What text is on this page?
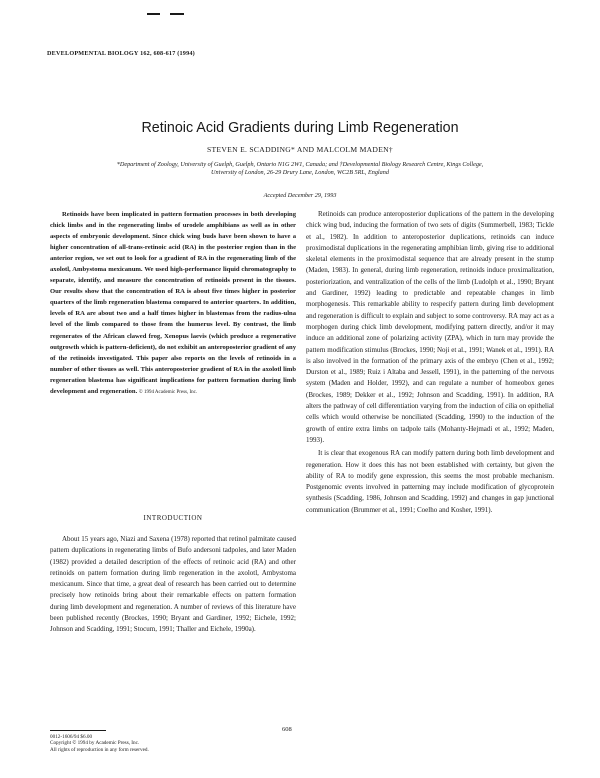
DEVELOPMENTAL BIOLOGY 162, 608-617 (1994)
Retinoic Acid Gradients during Limb Regeneration
STEVEN E. SCADDING* AND MALCOLM MADEN†
*Department of Zoology, University of Guelph, Guelph, Ontario N1G 2W1, Canada; and †Developmental Biology Research Centre, Kings College,
University of London, 26-29 Drury Lane, London, WC2B 5RL, England
Accepted December 29, 1993

Retinoids have been implicated in pattern formation processes in both developing chick limbs and in the regenerating limbs of urodele amphibians as well as in other aspects of embryonic development. Since chick wing buds have been shown to have a higher concentration of all-trans-retinoic acid (RA) in the posterior region than in the anterior region, we set out to look for a gradient of RA in the regenerating limb of the axolotl, Ambystoma mexicanum. We used high-performance liquid chromatography to separate, identify, and measure the concentration of retinoids present in the tissues. Our results show that the concentration of RA is about five times higher in posterior quarters of the limb regeneration blastema compared to anterior quarters. In addition, levels of RA are about two and a half times higher in blastemas from the radius-ulna level of the limb compared to those from the humerus level. By contrast, the limb regenerates of the African clawed frog, Xenopus laevis (which produce a regenerative outgrowth which is pattern-deficient), do not exhibit an anteroposterior gradient of any of the retinoids investigated. This paper also reports on the levels of retinoids in a number of other tissues as well. This anteroposterior gradient of RA in the axolotl limb regeneration blastema has significant implications for pattern formation during limb development and regeneration. © 1994 Academic Press, Inc.

INTRODUCTION

About 15 years ago, Niazi and Saxena (1978) reported that retinol palmitate caused pattern duplications in regenerating limbs of Bufo andersoni tadpoles, and later Maden (1982) provided a detailed description of the effects of retinoic acid (RA) and other retinoids on pattern formation during limb regeneration in the axolotl, Ambystoma mexicanum. Since that time, a great deal of research has been carried out to determine precisely how retinoids bring about their remarkable effects on pattern formation during limb development and regeneration. A number of reviews of this literature have been published recently (Brockes, 1990; Bryant and Gardiner, 1992; Eichele, 1992; Johnson and Scadding, 1991; Stocum, 1991; Thaller and Eichele, 1990a).

Retinoids can produce anteroposterior duplications of the pattern in the developing chick wing bud, inducing the formation of two sets of digits (Summerbell, 1983; Tickle et al., 1982). In addition to anteroposterior duplications, retinoids can induce proximodistal duplications in the regenerating amphibian limb, giving rise to additional skeletal elements in the proximodistal sequence that are already present in the stump (Maden, 1983). In general, during limb regeneration, retinoids induce proximalization, posteriorization, and ventralization of the cells of the limb (Ludolph et al., 1990; Bryant and Gardiner, 1992) leading to predictable and repeatable changes in limb morphogenesis. This remarkable ability to respecify pattern during limb development and regeneration is difficult to explain and subject to some controversy. RA may act as a morphogen during chick limb development, modifying pattern directly, and/or it may induce an additional zone of polarizing activity (ZPA), which in turn may provide the pattern modification stimulus (Brockes, 1990; Noji et al., 1991; Wanek et al., 1991). RA is also involved in the formation of the primary axis of the embryo (Chen et al., 1992; Durston et al., 1989; Ruiz i Altaba and Jessell, 1991), in the patterning of the nervous system (Maden and Holder, 1992), and can regulate a number of homeobox genes (Brockes, 1989; Dekker et al., 1992; Johnson and Scadding, 1991). In addition, RA alters the pathway of cell differentiation varying from the induction of cilia on epithelial cells which would otherwise be nonciliated (Scadding, 1990) to the induction of the growth of entire extra limbs on tadpole tails (Mohanty-Hejmadi et al., 1992; Maden, 1993).

It is clear that exogenous RA can modify pattern during both limb development and regeneration. How it does this has not been established with certainty, but given the ability of RA to modify gene expression, this seems the most probable mechanism. Postgenomic events involved in patterning may include modification of glycoprotein synthesis (Scadding, 1986, Johnson and Scadding, 1992) and changes in gap junctional communication (Brummer et al., 1991; Coelho and Kosher, 1991).

0012-1606/94 $6.00
Copyright © 1994 by Academic Press, Inc.
All rights of reproduction in any form reserved.
608
